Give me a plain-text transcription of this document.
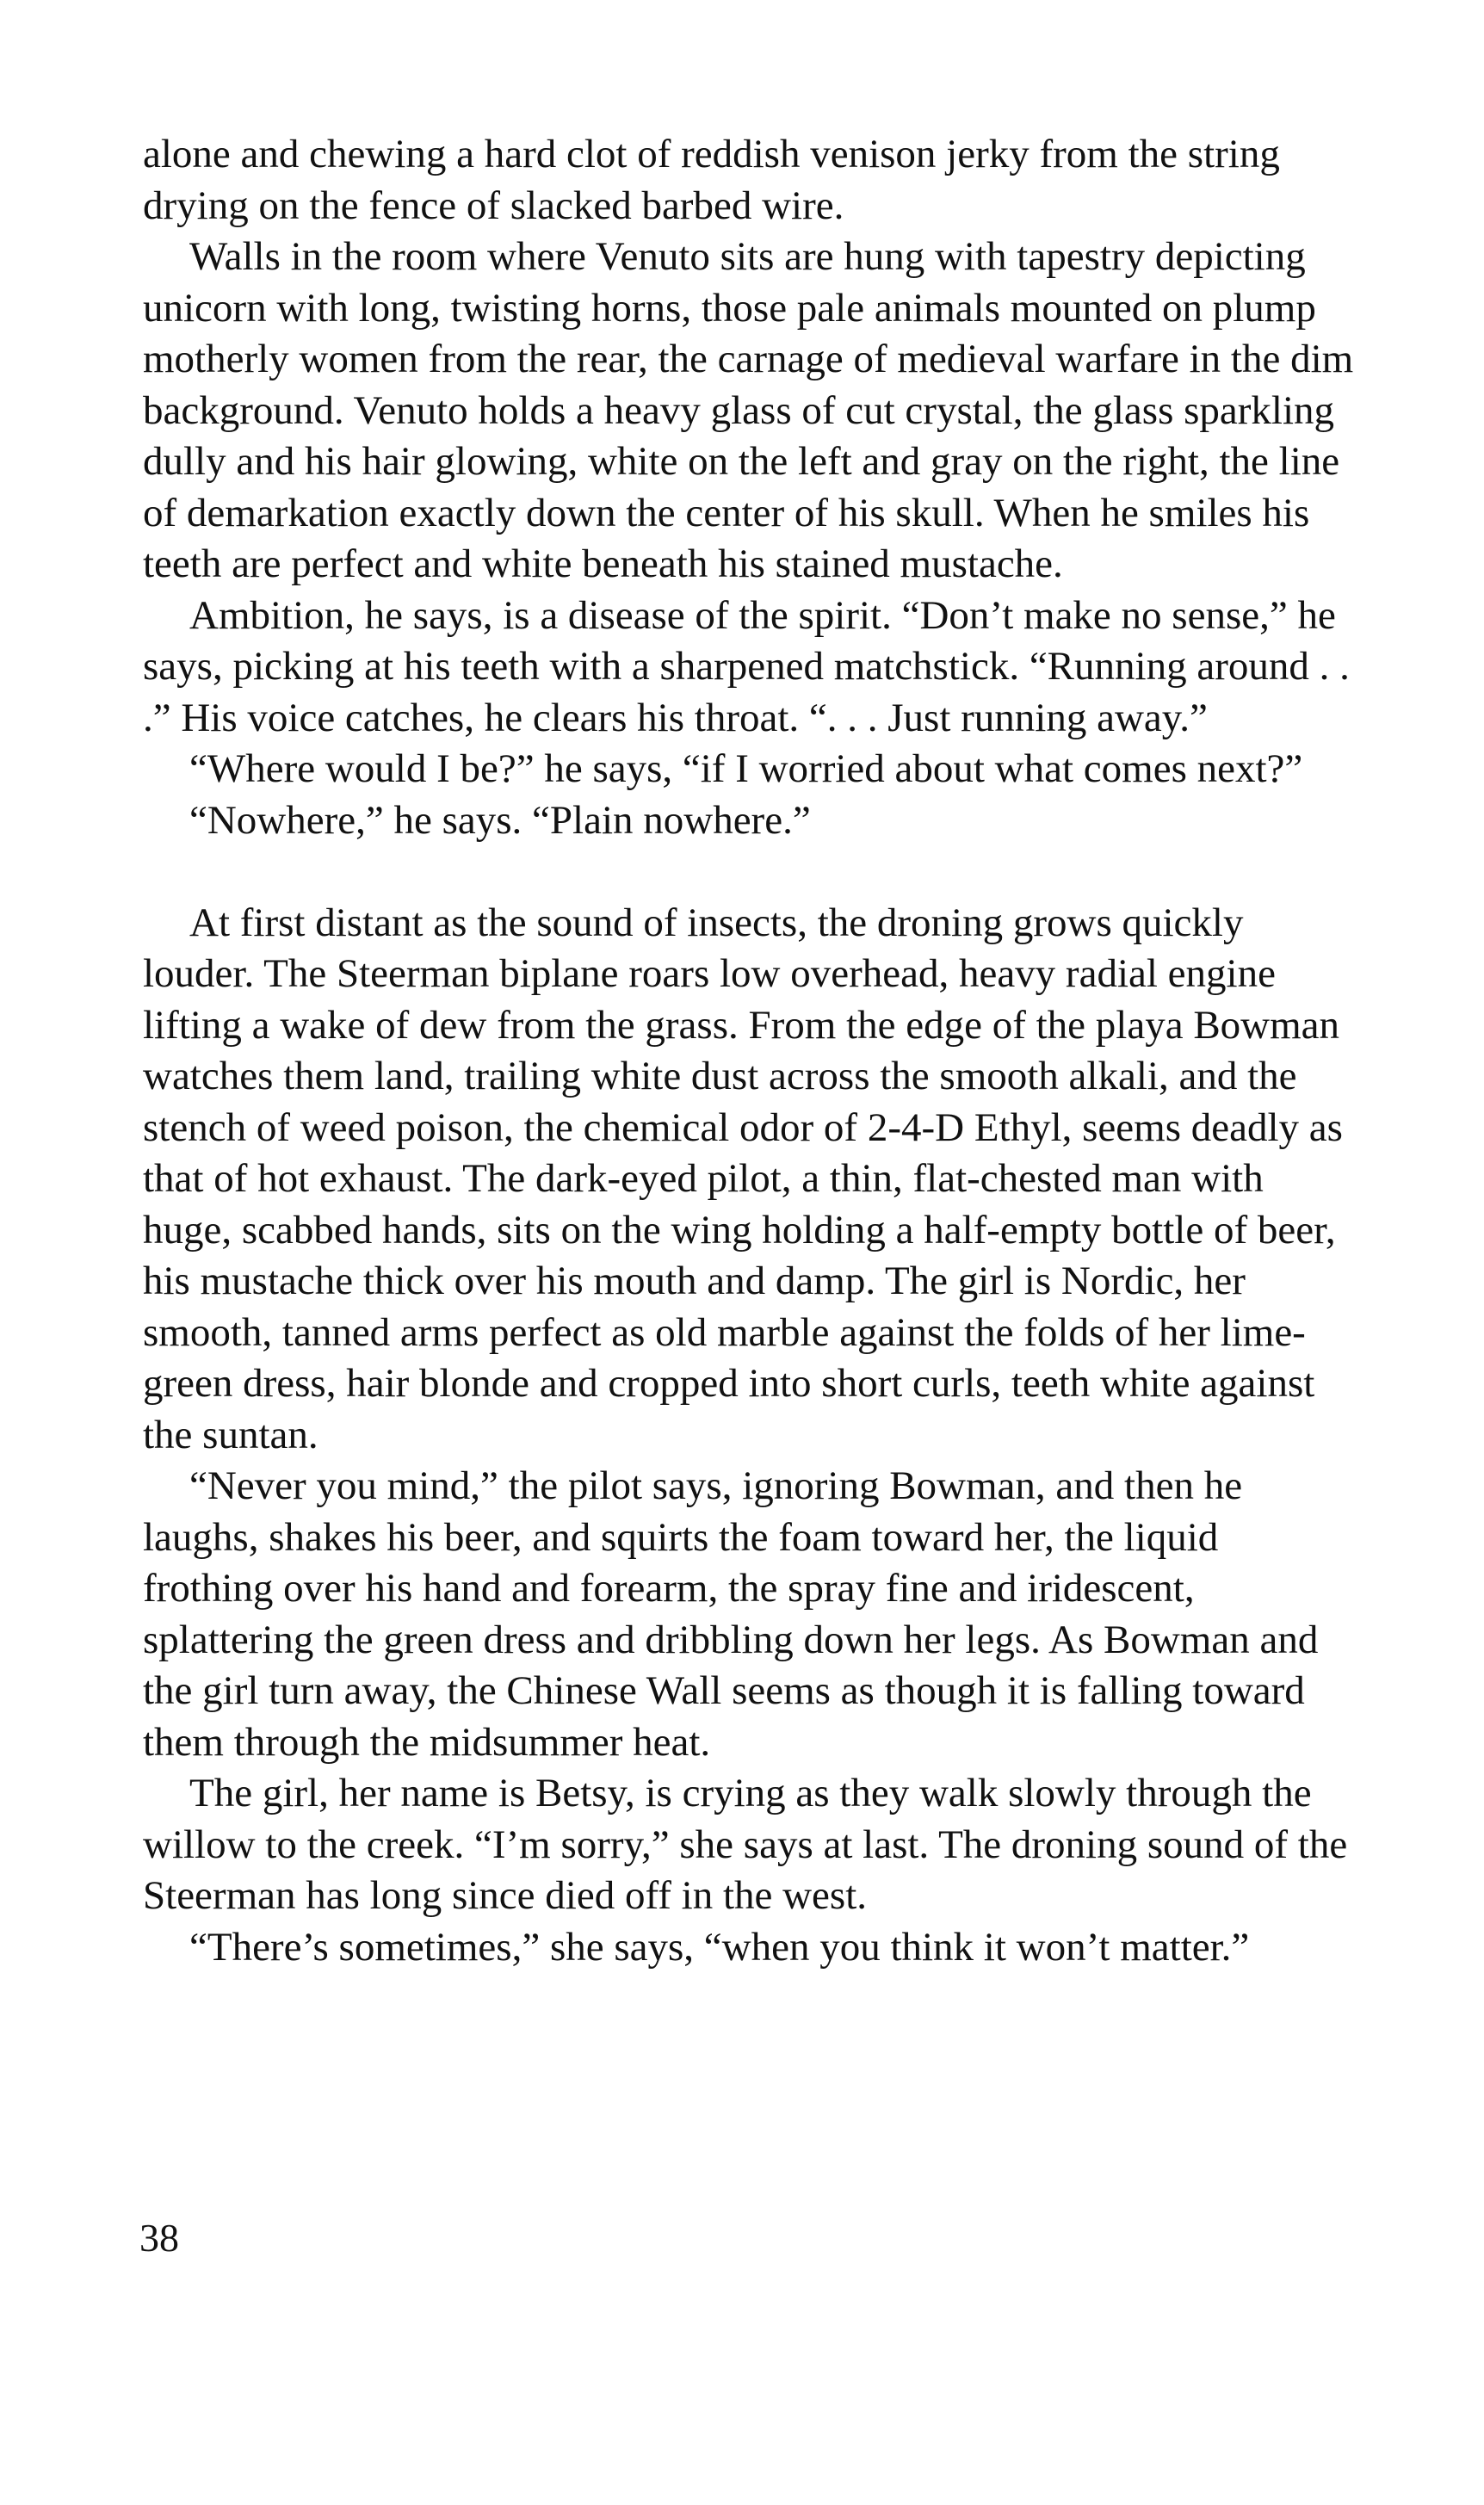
alone and chewing a hard clot of reddish venison jerky from the string drying on the fence of slacked barbed wire.

Walls in the room where Venuto sits are hung with tapestry depicting unicorn with long, twisting horns, those pale animals mounted on plump motherly women from the rear, the carnage of medieval warfare in the dim background. Venuto holds a heavy glass of cut crystal, the glass sparkling dully and his hair glowing, white on the left and gray on the right, the line of demarkation exactly down the center of his skull. When he smiles his teeth are perfect and white beneath his stained mustache.

Ambition, he says, is a disease of the spirit. “Don’t make no sense,” he says, picking at his teeth with a sharpened matchstick. “Running around . . .” His voice catches, he clears his throat. “. . . Just running away.”

“Where would I be?” he says, “if I worried about what comes next?”

“Nowhere,” he says. “Plain nowhere.”

At first distant as the sound of insects, the droning grows quickly louder. The Steerman biplane roars low overhead, heavy radial engine lifting a wake of dew from the grass. From the edge of the playa Bowman watches them land, trailing white dust across the smooth alkali, and the stench of weed poison, the chemical odor of 2-4-D Ethyl, seems deadly as that of hot exhaust. The dark-eyed pilot, a thin, flat-chested man with huge, scabbed hands, sits on the wing holding a half-empty bottle of beer, his mustache thick over his mouth and damp. The girl is Nordic, her smooth, tanned arms perfect as old marble against the folds of her lime-green dress, hair blonde and cropped into short curls, teeth white against the suntan.

“Never you mind,” the pilot says, ignoring Bowman, and then he laughs, shakes his beer, and squirts the foam toward her, the liquid frothing over his hand and forearm, the spray fine and iridescent, splattering the green dress and dribbling down her legs. As Bowman and the girl turn away, the Chinese Wall seems as though it is falling toward them through the midsummer heat.

The girl, her name is Betsy, is crying as they walk slowly through the willow to the creek. “I’m sorry,” she says at last. The droning sound of the Steerman has long since died off in the west.

“There’s sometimes,” she says, “when you think it won’t matter.”

38
